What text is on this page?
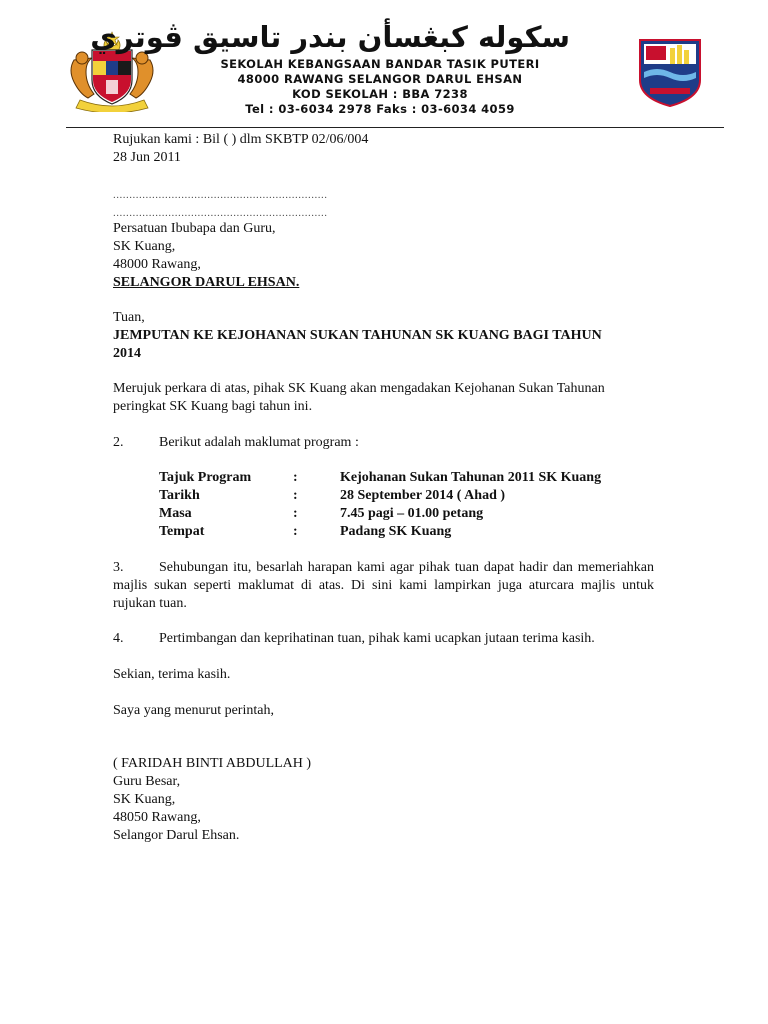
سکوله کبڠسأن بندر تاسيق ڤوتري
SEKOLAH KEBANGSAAN BANDAR TASIK PUTERI
48000 RAWANG SELANGOR DARUL EHSAN
KOD SEKOLAH : BBA 7238
Tel : 03-6034 2978 Faks : 03-6034 4059
Rujukan kami : Bil ( ) dlm SKBTP 02/06/004
28 Jun 2011
..................................................................
..................................................................
Persatuan Ibubapa dan Guru,
SK Kuang,
48000 Rawang,
SELANGOR DARUL EHSAN.
Tuan,
JEMPUTAN KE KEJOHANAN SUKAN TAHUNAN SK KUANG BAGI TAHUN
2014
Merujuk perkara di atas, pihak SK Kuang akan mengadakan Kejohanan Sukan Tahunan
peringkat SK Kuang bagi tahun ini.
2.	Berikut adalah maklumat program :
Tajuk Program	:	Kejohanan Sukan Tahunan 2011 SK Kuang
Tarikh	:	28 September 2014 ( Ahad )
Masa	:	7.45 pagi – 01.00 petang
Tempat	:	Padang SK Kuang
3.	Sehubungan itu, besarlah harapan kami agar pihak tuan dapat hadir dan memeriahkan majlis sukan seperti maklumat di atas. Di sini kami lampirkan juga aturcara majlis untuk rujukan tuan.
4.	Pertimbangan dan keprihatinan tuan, pihak kami ucapkan jutaan terima kasih.
Sekian, terima kasih.
Saya yang menurut perintah,
( FARIDAH BINTI ABDULLAH )
Guru Besar,
SK Kuang,
48050 Rawang,
Selangor Darul Ehsan.
